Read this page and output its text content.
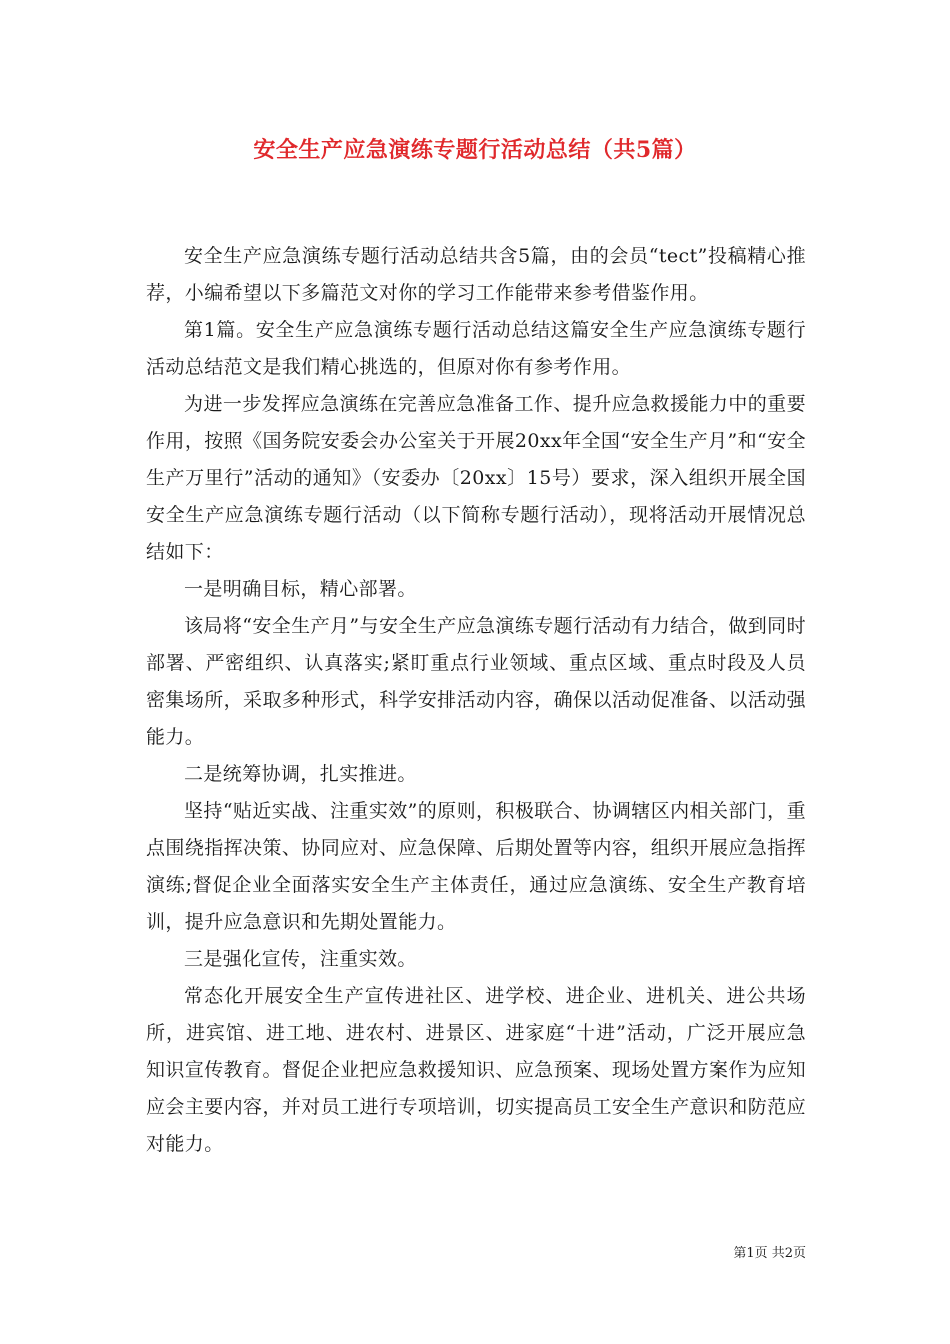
安全生产应急演练专题行活动总结（共5篇）

安全生产应急演练专题行活动总结共含5篇，由的会员“tect”投稿精心推荐，小编希望以下多篇范文对你的学习工作能带来参考借鉴作用。

第1篇。安全生产应急演练专题行活动总结这篇安全生产应急演练专题行活动总结范文是我们精心挑选的，但原对你有参考作用。

为进一步发挥应急演练在完善应急准备工作、提升应急救援能力中的重要作用，按照《国务院安委会办公室关于开展20xx年全国“安全生产月”和“安全生产万里行”活动的通知》（安委办〔20xx〕15号）要求，深入组织开展全国安全生产应急演练专题行活动（以下简称专题行活动），现将活动开展情况总结如下：

一是明确目标，精心部署。

该局将“安全生产月”与安全生产应急演练专题行活动有力结合，做到同时部署、严密组织、认真落实;紧盯重点行业领域、重点区域、重点时段及人员密集场所，采取多种形式，科学安排活动内容，确保以活动促准备、以活动强能力。

二是统筹协调，扎实推进。

坚持“贴近实战、注重实效”的原则，积极联合、协调辖区内相关部门，重点围绕指挥决策、协同应对、应急保障、后期处置等内容，组织开展应急指挥演练;督促企业全面落实安全生产主体责任，通过应急演练、安全生产教育培训，提升应急意识和先期处置能力。

三是强化宣传，注重实效。

常态化开展安全生产宣传进社区、进学校、进企业、进机关、进公共场所，进宾馆、进工地、进农村、进景区、进家庭“十进”活动，广泛开展应急知识宣传教育。督促企业把应急救援知识、应急预案、现场处置方案作为应知应会主要内容，并对员工进行专项培训，切实提高员工安全生产意识和防范应对能力。

第1页 共2页
